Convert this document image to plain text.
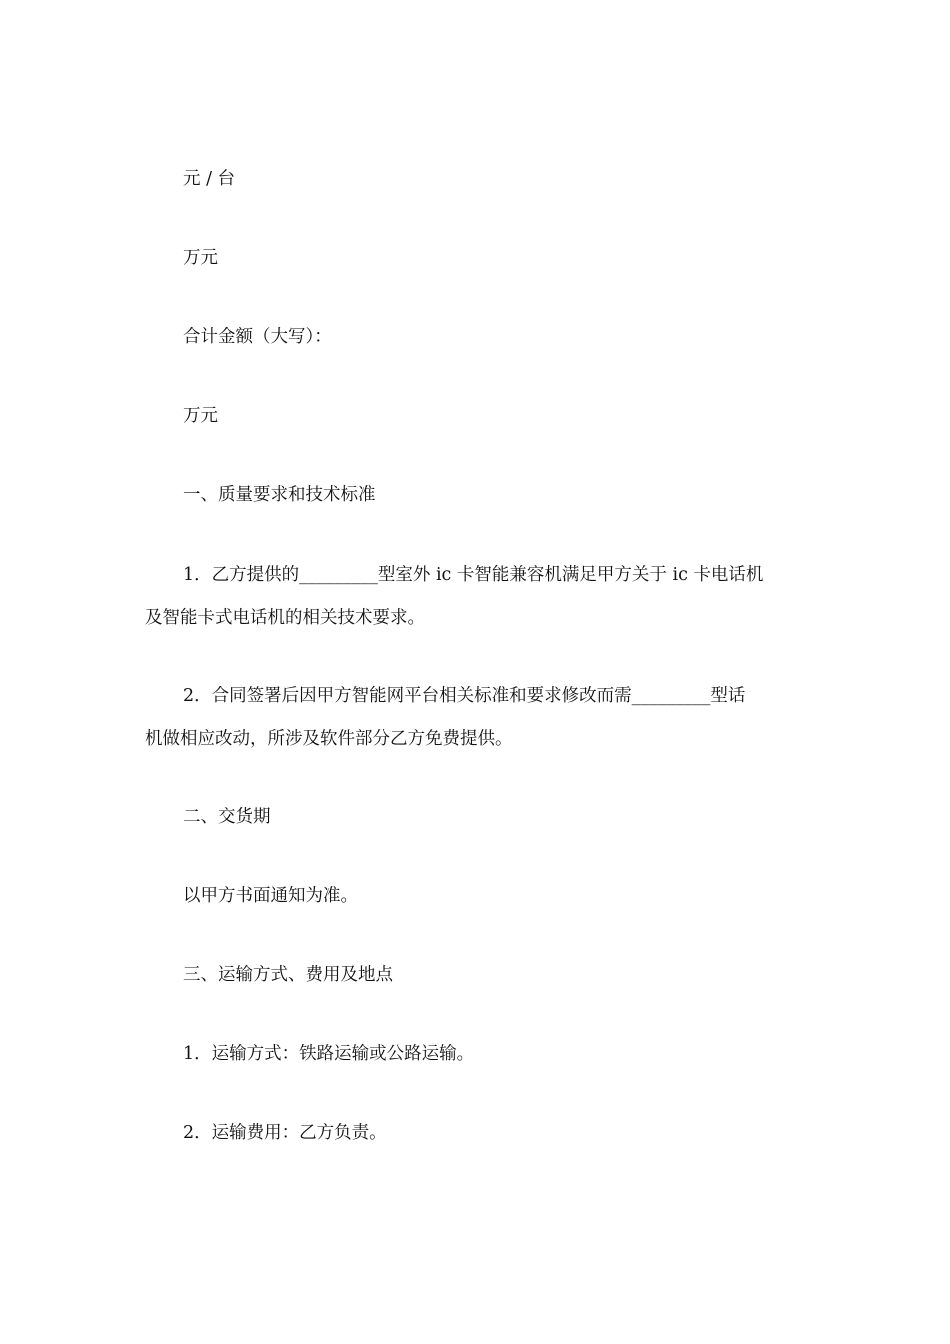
元 / 台
万元
合计金额（大写）：
万元
一、质量要求和技术标准
1．乙方提供的_________型室外 ic 卡智能兼容机满足甲方关于 ic 卡电话机
及智能卡式电话机的相关技术要求。
2．合同签署后因甲方智能网平台相关标准和要求修改而需_________型话
机做相应改动，所涉及软件部分乙方免费提供。
二、交货期
以甲方书面通知为准。
三、运输方式、费用及地点
1．运输方式：铁路运输或公路运输。
2．运输费用：乙方负责。
